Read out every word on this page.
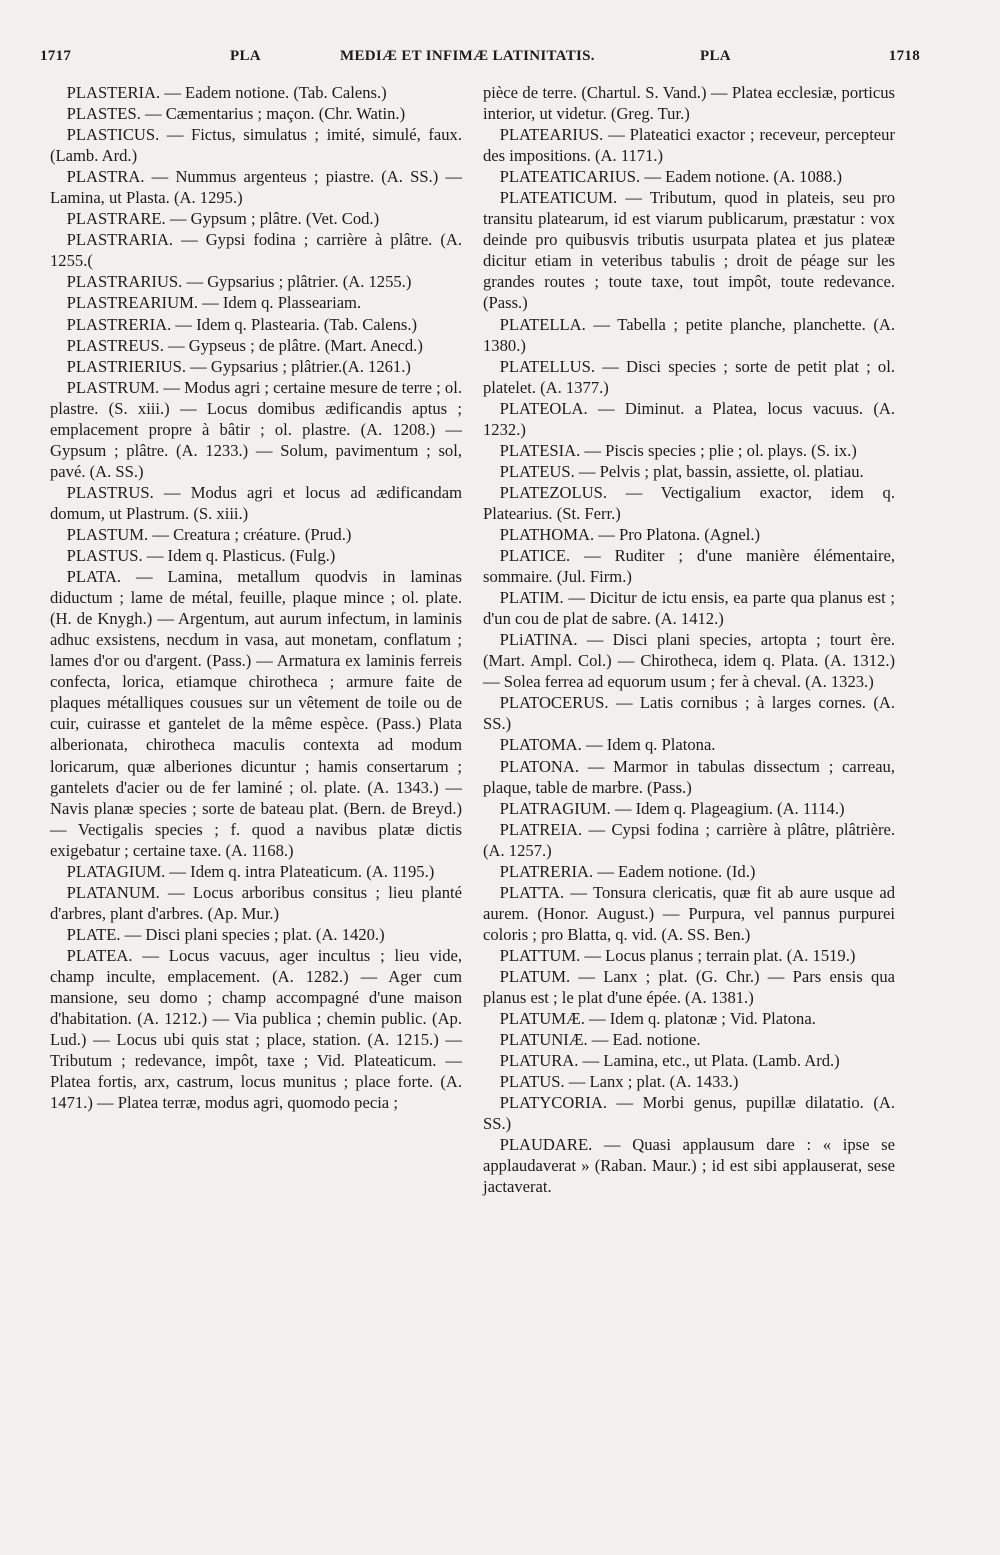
1717	PLA	MEDIÆ ET INFIMÆ LATINITATIS.	PLA	1718

PLASTERIA. — Eadem notione. (Tab. Calens.)

PLASTES. — Cæmentarius ; maçon. (Chr. Watin.)

PLASTICUS. — Fictus, simulatus ; imité, simulé, faux. (Lamb. Ard.)

PLASTRA. — Nummus argenteus ; piastre. (A. SS.) — Lamina, ut Plasta. (A. 1295.)

PLASTRARE. — Gypsum ; plâtre. (Vet. Cod.)

PLASTRARIA. — Gypsi fodina ; carrière à plâtre. (A. 1255.(

PLASTRARIUS. — Gypsarius ; plâtrier. (A. 1255.)

PLASTREARIUM. — Idem q. Plasseariam.

PLASTRERIA. — Idem q. Plastearia. (Tab. Calens.)

PLASTREUS. — Gypseus ; de plâtre. (Mart. Anecd.)

PLASTRIERIUS. — Gypsarius ; plâtrier.(A. 1261.)

PLASTRUM. — Modus agri ; certaine mesure de terre ; ol. plastre. (S. xiii.) — Locus domibus ædificandis aptus ; emplacement propre à bâtir ; ol. plastre. (A. 1208.) — Gypsum ; plâtre. (A. 1233.) — Solum, pavimentum ; sol, pavé. (A. SS.)

PLASTRUS. — Modus agri et locus ad ædificandam domum, ut Plastrum. (S. xiii.)

PLASTUM. — Creatura ; créature. (Prud.)

PLASTUS. — Idem q. Plasticus. (Fulg.)

PLATA. — Lamina, metallum quodvis in laminas diductum ; lame de métal, feuille, plaque mince ; ol. plate. (H. de Knygh.) — Argentum, aut aurum infectum, in laminis adhuc exsistens, necdum in vasa, aut monetam, conflatum ; lames d'or ou d'argent. (Pass.) — Armatura ex laminis ferreis confecta, lorica, etiamque chirotheca ; armure faite de plaques métalliques cousues sur un vêtement de toile ou de cuir, cuirasse et gantelet de la même espèce. (Pass.) Plata alberionata, chirotheca maculis contexta ad modum loricarum, quæ alberiones dicuntur ; hamis consertarum ; gantelets d'acier ou de fer laminé ; ol. plate. (A. 1343.) — Navis planæ species ; sorte de bateau plat. (Bern. de Breyd.) — Vectigalis species ; f. quod a navibus platæ dictis exigebatur ; certaine taxe. (A. 1168.)

PLATAGIUM. — Idem q. intra Plateaticum. (A. 1195.)

PLATANUM. — Locus arboribus consitus ; lieu planté d'arbres, plant d'arbres. (Ap. Mur.)

PLATE. — Disci plani species ; plat. (A. 1420.)

PLATEA. — Locus vacuus, ager incultus ; lieu vide, champ inculte, emplacement. (A. 1282.) — Ager cum mansione, seu domo ; champ accompagné d'une maison d'habitation. (A. 1212.) — Via publica ; chemin public. (Ap. Lud.) — Locus ubi quis stat ; place, station. (A. 1215.) — Tributum ; redevance, impôt, taxe ; Vid. Plateaticum. — Platea fortis, arx, castrum, locus munitus ; place forte. (A. 1471.) — Platea terræ, modus agri, quomodo pecia ;

pièce de terre. (Chartul. S. Vand.) — Platea ecclesiæ, porticus interior, ut videtur. (Greg. Tur.)

PLATEARIUS. — Plateatici exactor ; receveur, percepteur des impositions. (A. 1171.)

PLATEATICARIUS. — Eadem notione. (A. 1088.)

PLATEATICUM. — Tributum, quod in plateis, seu pro transitu platearum, id est viarum publicarum, præstatur : vox deinde pro quibusvis tributis usurpata platea et jus plateæ dicitur etiam in veteribus tabulis ; droit de péage sur les grandes routes ; toute taxe, tout impôt, toute redevance. (Pass.)

PLATELLA. — Tabella ; petite planche, planchette. (A. 1380.)

PLATELLUS. — Disci species ; sorte de petit plat ; ol. platelet. (A. 1377.)

PLATEOLA. — Diminut. a Platea, locus vacuus. (A. 1232.)

PLATESIA. — Piscis species ; plie ; ol. plays. (S. ix.)

PLATEUS. — Pelvis ; plat, bassin, assiette, ol. platiau.

PLATEZOLUS. — Vectigalium exactor, idem q. Platearius. (St. Ferr.)

PLATHOMA. — Pro Platona. (Agnel.)

PLATICE. — Ruditer ; d'une manière élémentaire, sommaire. (Jul. Firm.)

PLATIM. — Dicitur de ictu ensis, ea parte qua planus est ; d'un cou de plat de sabre. (A. 1412.)

PLiATINA. — Disci plani species, artopta ; tourt ère. (Mart. Ampl. Col.) — Chirotheca, idem q. Plata. (A. 1312.) — Solea ferrea ad equorum usum ; fer à cheval. (A. 1323.)

PLATOCERUS. — Latis cornibus ; à larges cornes. (A. SS.)

PLATOMA. — Idem q. Platona.

PLATONA. — Marmor in tabulas dissectum ; carreau, plaque, table de marbre. (Pass.)

PLATRAGIUM. — Idem q. Plageagium. (A. 1114.)

PLATREIA. — Cypsi fodina ; carrière à plâtre, plâtrière. (A. 1257.)

PLATRERIA. — Eadem notione. (Id.)

PLATTA. — Tonsura clericatis, quæ fit ab aure usque ad aurem. (Honor. August.) — Purpura, vel pannus purpurei coloris ; pro Blatta, q. vid. (A. SS. Ben.)

PLATTUM. — Locus planus ; terrain plat. (A. 1519.)

PLATUM. — Lanx ; plat. (G. Chr.) — Pars ensis qua planus est ; le plat d'une épée. (A. 1381.)

PLATUMÆ. — Idem q. platonæ ; Vid. Platona.

PLATUNIÆ. — Ead. notione.

PLATURA. — Lamina, etc., ut Plata. (Lamb. Ard.)

PLATUS. — Lanx ; plat. (A. 1433.)

PLATYCORIA. — Morbi genus, pupillæ dilatatio. (A. SS.)

PLAUDARE. — Quasi applausum dare : « ipse se applaudaverat » (Raban. Maur.) ; id est sibi applauserat, sese jactaverat.
